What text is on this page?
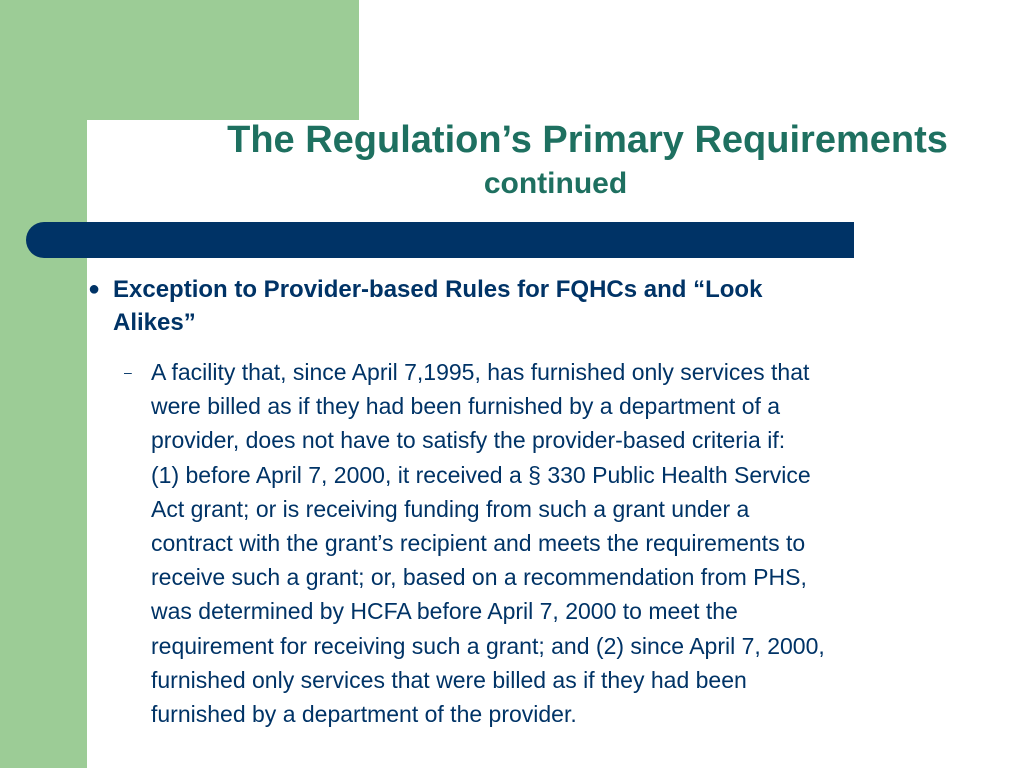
The Regulation’s Primary Requirements
continued
● Exception to Provider-based Rules for FQHCs and “Look
Alikes”
– A facility that, since April 7,1995, has furnished only services that
were billed as if they had been furnished by a department of a
provider, does not have to satisfy the provider-based criteria if:
(1) before April 7, 2000, it received a § 330 Public Health Service
Act grant; or is receiving funding from such a grant under a
contract with the grant’s recipient and meets the requirements to
receive such a grant; or, based on a recommendation from PHS,
was determined by HCFA before April 7, 2000 to meet the
requirement for receiving such a grant; and (2) since April 7, 2000,
furnished only services that were billed as if they had been
furnished by a department of the provider.
